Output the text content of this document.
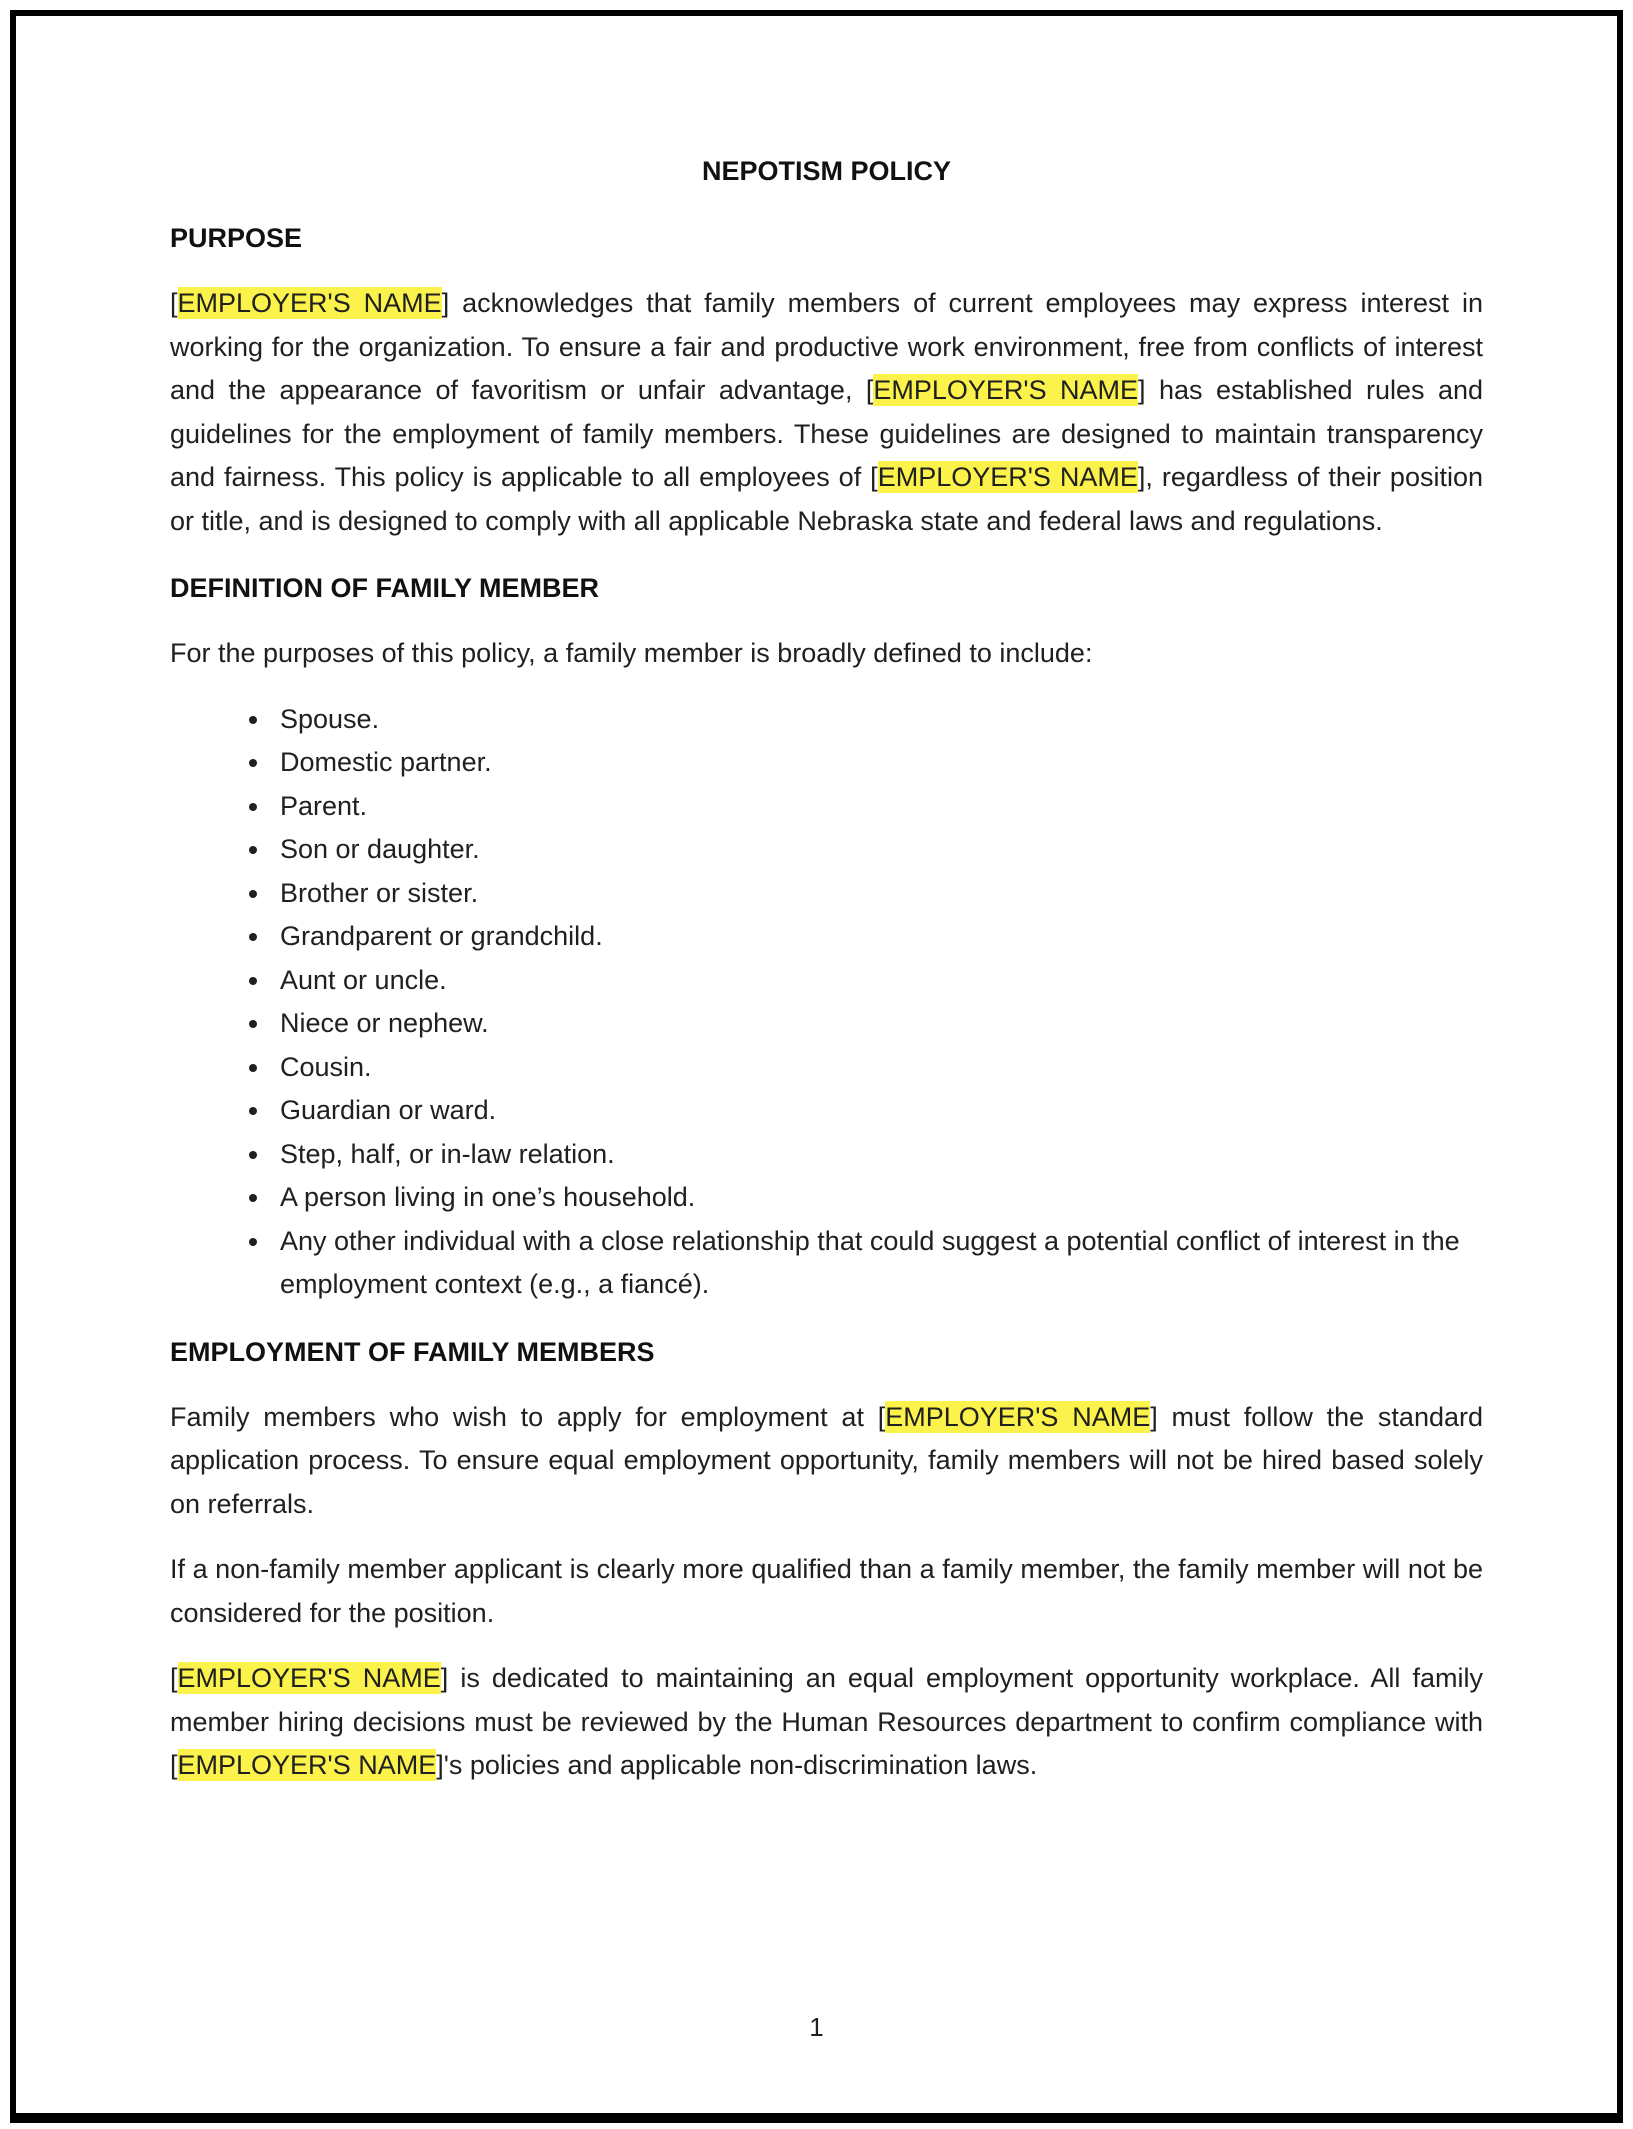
NEPOTISM POLICY
PURPOSE

[EMPLOYER'S NAME] acknowledges that family members of current employees may express interest in working for the organization. To ensure a fair and productive work environment, free from conflicts of interest and the appearance of favoritism or unfair advantage, [EMPLOYER'S NAME] has established rules and guidelines for the employment of family members. These guidelines are designed to maintain transparency and fairness. This policy is applicable to all employees of [EMPLOYER'S NAME], regardless of their position or title, and is designed to comply with all applicable Nebraska state and federal laws and regulations.

DEFINITION OF FAMILY MEMBER

For the purposes of this policy, a family member is broadly defined to include:

• Spouse.
• Domestic partner.
• Parent.
• Son or daughter.
• Brother or sister.
• Grandparent or grandchild.
• Aunt or uncle.
• Niece or nephew.
• Cousin.
• Guardian or ward.
• Step, half, or in-law relation.
• A person living in one’s household.
• Any other individual with a close relationship that could suggest a potential conflict of interest in the employment context (e.g., a fiancé).
EMPLOYMENT OF FAMILY MEMBERS

Family members who wish to apply for employment at [EMPLOYER'S NAME] must follow the standard application process. To ensure equal employment opportunity, family members will not be hired based solely on referrals.

If a non-family member applicant is clearly more qualified than a family member, the family member will not be considered for the position.

[EMPLOYER'S NAME] is dedicated to maintaining an equal employment opportunity workplace. All family member hiring decisions must be reviewed by the Human Resources department to confirm compliance with [EMPLOYER'S NAME]'s policies and applicable non-discrimination laws.

1
